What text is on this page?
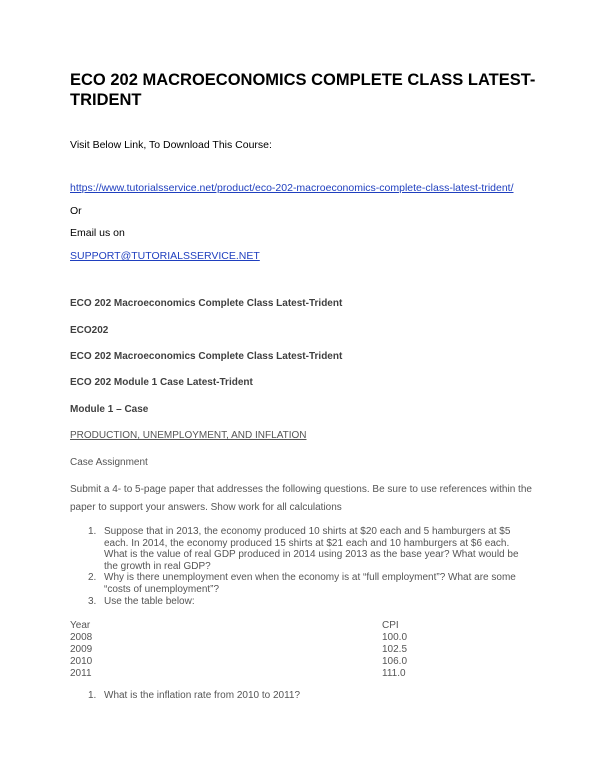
ECO 202 MACROECONOMICS COMPLETE CLASS LATEST-TRIDENT
Visit Below Link, To Download This Course:
https://www.tutorialsservice.net/product/eco-202-macroeconomics-complete-class-latest-trident/
Or
Email us on
SUPPORT@TUTORIALSSERVICE.NET
ECO 202 Macroeconomics Complete Class Latest-Trident
ECO202
ECO 202 Macroeconomics Complete Class Latest-Trident
ECO 202 Module 1 Case Latest-Trident
Module 1 – Case
PRODUCTION, UNEMPLOYMENT, AND INFLATION
Case Assignment
Submit a 4- to 5-page paper that addresses the following questions. Be sure to use references within the
paper to support your answers. Show work for all calculations
1. Suppose that in 2013, the economy produced 10 shirts at $20 each and 5 hamburgers at $5 each. In 2014, the economy produced 15 shirts at $21 each and 10 hamburgers at $6 each. What is the value of real GDP produced in 2014 using 2013 as the base year? What would be the growth in real GDP?
2. Why is there unemployment even when the economy is at “full employment”? What are some “costs of unemployment”?
3. Use the table below:
Year	CPI
2008	100.0
2009	102.5
2010	106.0
2011	111.0
1. What is the inflation rate from 2010 to 2011?
